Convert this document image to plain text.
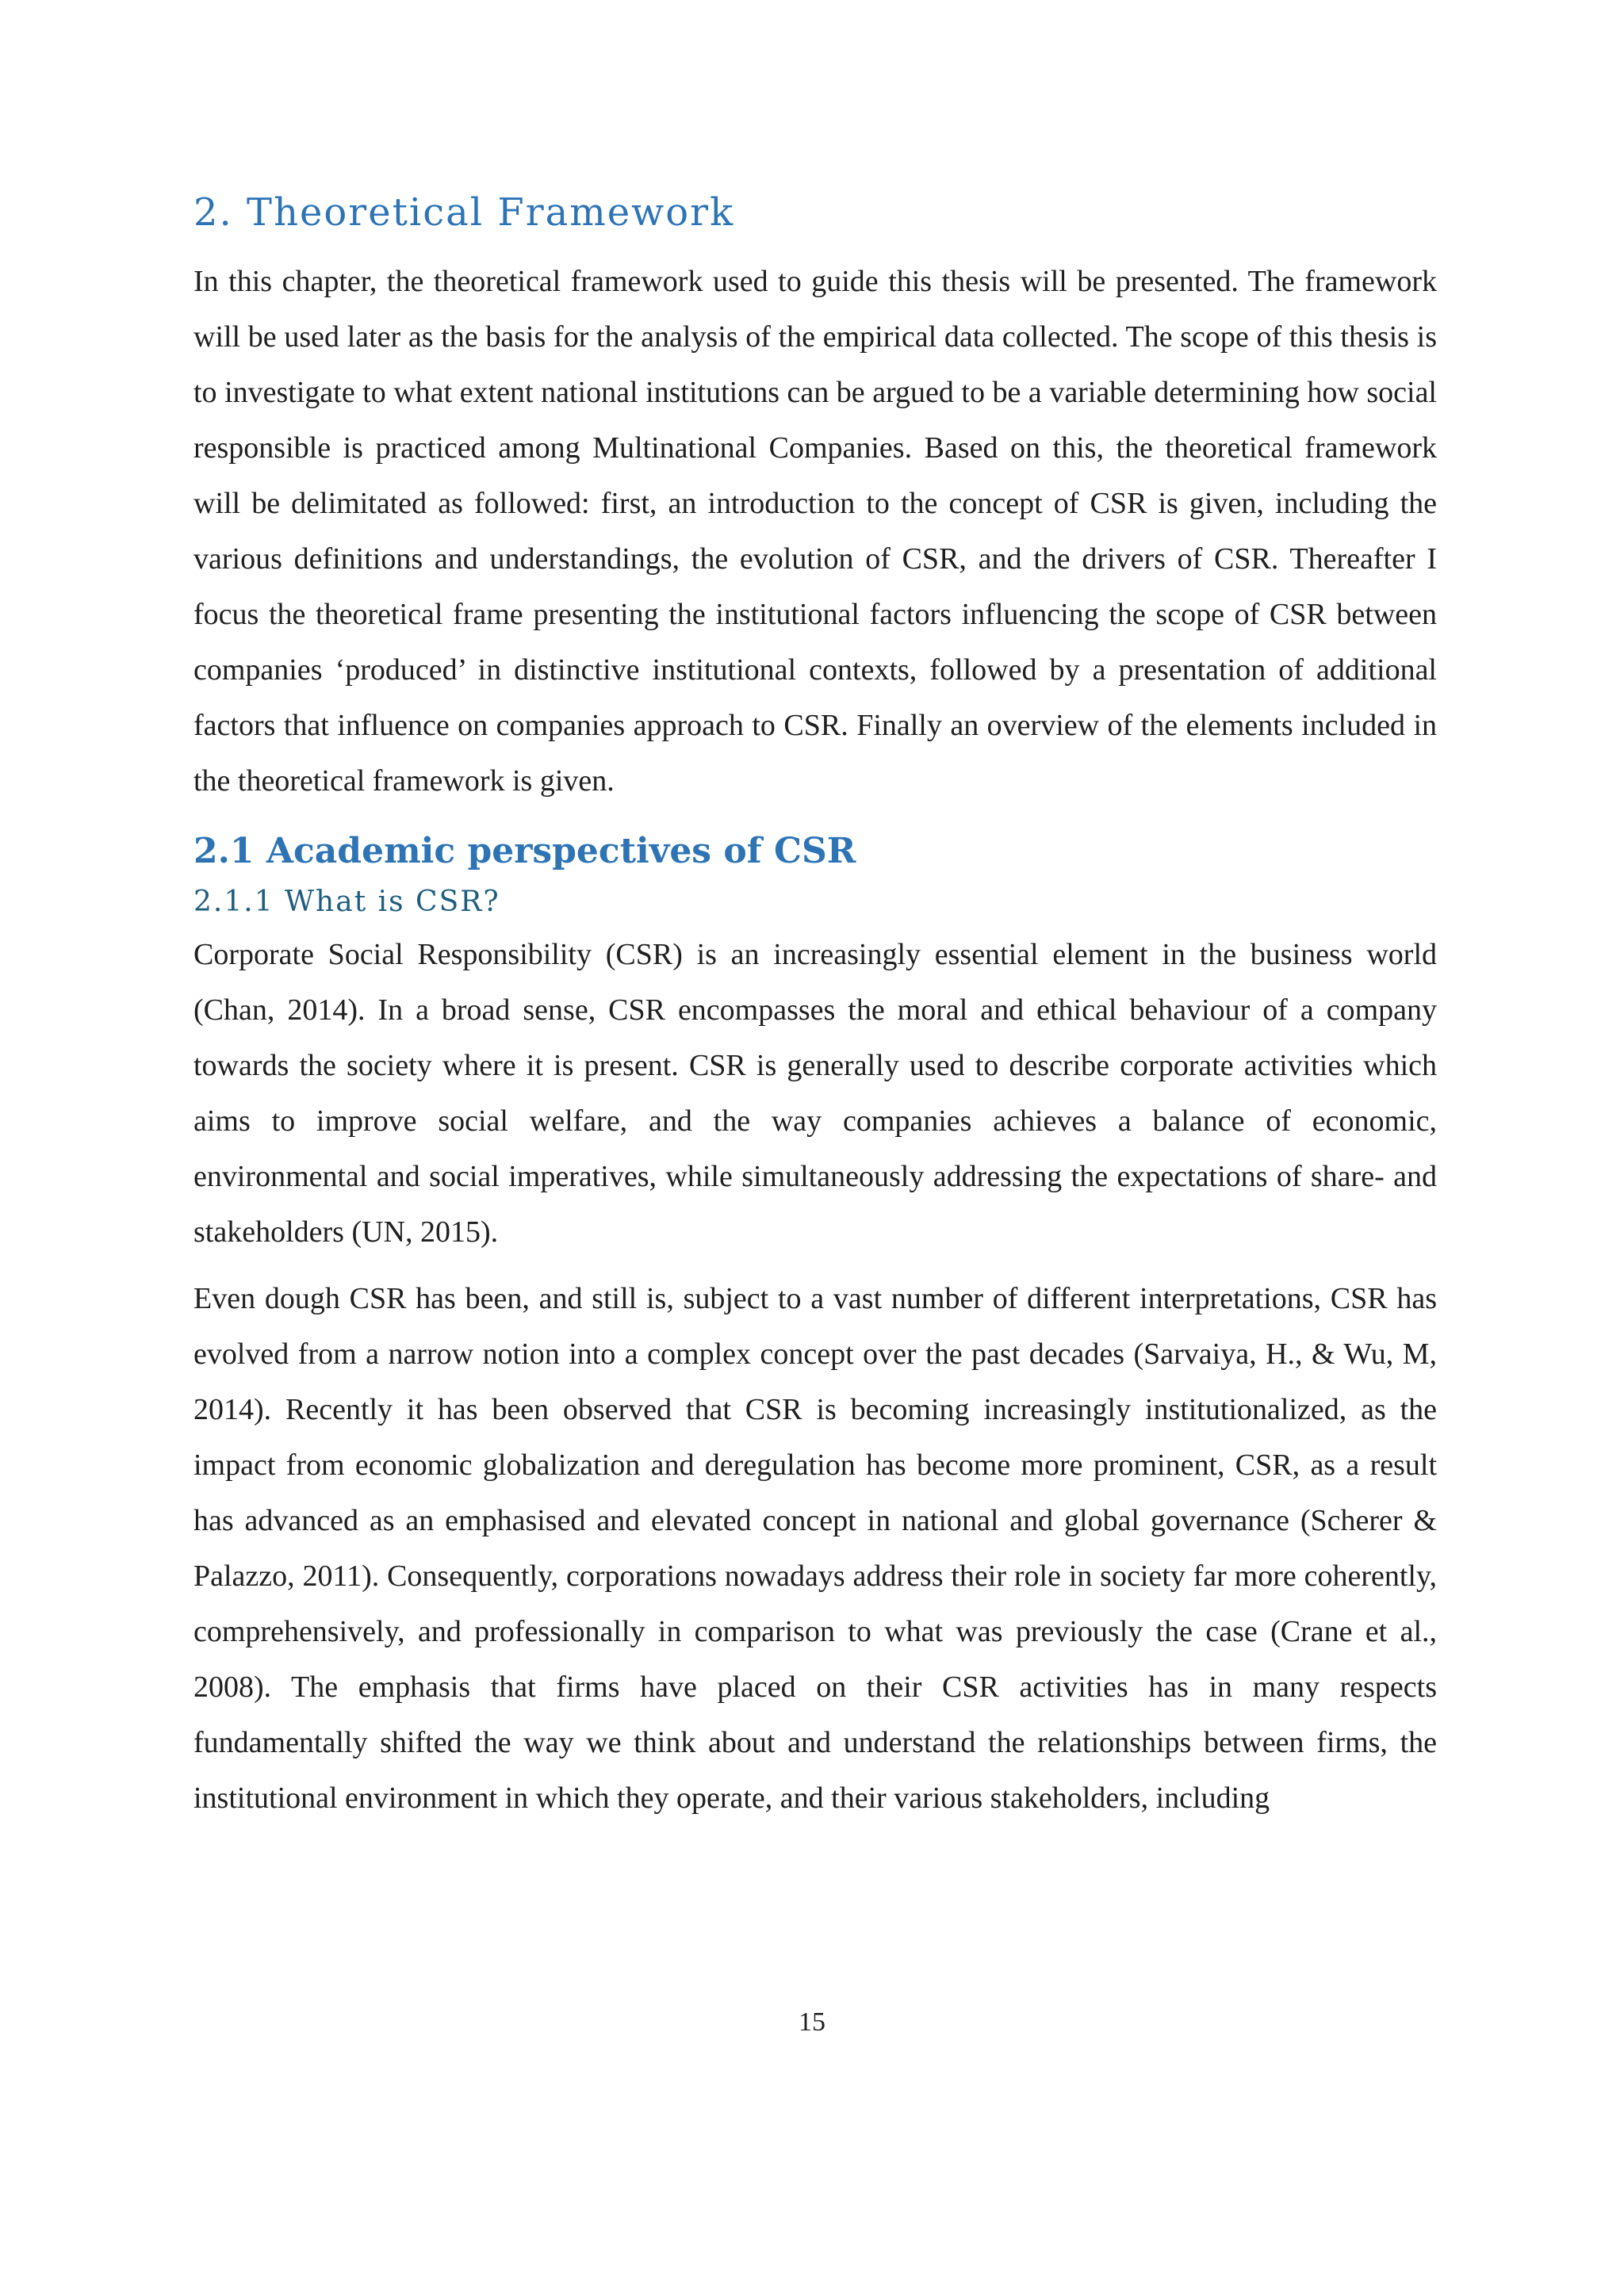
2. Theoretical Framework

In this chapter, the theoretical framework used to guide this thesis will be presented. The framework will be used later as the basis for the analysis of the empirical data collected. The scope of this thesis is to investigate to what extent national institutions can be argued to be a variable determining how social responsible is practiced among Multinational Companies. Based on this, the theoretical framework will be delimitated as followed: first, an introduction to the concept of CSR is given, including the various definitions and understandings, the evolution of CSR, and the drivers of CSR. Thereafter I focus the theoretical frame presenting the institutional factors influencing the scope of CSR between companies ‘produced’ in distinctive institutional contexts, followed by a presentation of additional factors that influence on companies approach to CSR. Finally an overview of the elements included in the theoretical framework is given.

2.1 Academic perspectives of CSR
2.1.1 What is CSR?

Corporate Social Responsibility (CSR) is an increasingly essential element in the business world (Chan, 2014). In a broad sense, CSR encompasses the moral and ethical behaviour of a company towards the society where it is present. CSR is generally used to describe corporate activities which aims to improve social welfare, and the way companies achieves a balance of economic, environmental and social imperatives, while simultaneously addressing the expectations of share- and stakeholders (UN, 2015).

Even dough CSR has been, and still is, subject to a vast number of different interpretations, CSR has evolved from a narrow notion into a complex concept over the past decades (Sarvaiya, H., & Wu, M, 2014). Recently it has been observed that CSR is becoming increasingly institutionalized, as the impact from economic globalization and deregulation has become more prominent, CSR, as a result has advanced as an emphasised and elevated concept in national and global governance (Scherer & Palazzo, 2011). Consequently, corporations nowadays address their role in society far more coherently, comprehensively, and professionally in comparison to what was previously the case (Crane et al., 2008). The emphasis that firms have placed on their CSR activities has in many respects fundamentally shifted the way we think about and understand the relationships between firms, the institutional environment in which they operate, and their various stakeholders, including

15
